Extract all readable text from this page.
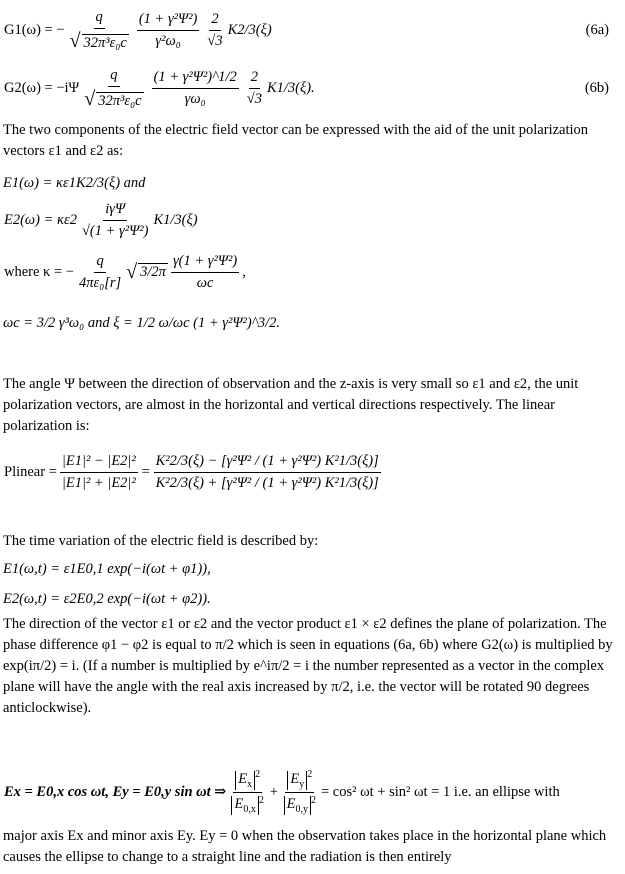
G1(ω) = − $\frac{q}{\text{√ 32π³ε₀c}} \frac{\text{(1 + γ²Ψ²)}}{\text{γ²ω₀}} \frac{2}{√3} K2/3(\xi)$	(6a)
$G2(\omega) = -i\Psi \frac{q}{\text{√ 32π³ε₀c}} \frac{\text{(1 + γ²Ψ²)\textasciicircum{}1/2}}{\text{γω₀}} \frac{2}{√3} K1/3(\xi)$.	(6b)
The two components of the electric field vector can be expressed with the aid of the unit polarization vectors ε1 and ε2 as:
E1(ω) = κε1K2/3(ξ) and
$E2(\omega) = \kappa\varepsilon 2 \frac{\text{iγΨ}}{\text{√(1 + γ²Ψ²)}} K1/3(\xi)$
where κ = − $\frac{q}{\text{4πε₀[r]}}$ √ $3/2\pi \frac{\text{γ(1 + γ²Ψ²)}}{\omega c}$ ,
ωc = 3/2 γ³ω₀ and ξ = 1/2 ω/ωc (1 + γ²Ψ²)^3/2.
The angle Ψ between the direction of observation and the z-axis is very small so ε1 and ε2, the unit polarization vectors, are almost in the horizontal and vertical directions respectively. The linear polarization is:
Plinear = $\frac{\text{|E1|² − |E2|²}}{\text{|E1|² + |E2|²}} = \frac{\text{K²2/3(ξ) − [γ²Ψ² / (1 + γ²Ψ²) K²1/3(ξ)]}}{\text{K²2/3(ξ) + [γ²Ψ² / (1 + γ²Ψ²) K²1/3(ξ)]}}$
The time variation of the electric field is described by:
E1(ω,t) = ε1E0,1 exp(−i(ωt + φ1)),
E2(ω,t) = ε2E0,2 exp(−i(ωt + φ2)).
The direction of the vector ε1 or ε2 and the vector product ε1 × ε2 defines the plane of polarization. The phase difference φ1 − φ2 is equal to π/2 which is seen in equations (6a, 6b) where G2(ω) is multiplied by exp(iπ/2) = i. (If a number is multiplied by e^iπ/2 = i the number represented as a vector in the complex plane will have the angle with the real axis increased by π/2, i.e. the vector will be rotated 90 degrees anticlockwise).
Ex = E0,x cos ωt, Ey = E0,y sin ωt ⇒ $\frac{E_x^2}{E_{0,x}^2} + \frac{E_y^2}{E_{0,y}^2} = \cos^2$ ωt + sin² ωt = 1 i.e. an ellipse with
major axis Ex and minor axis Ey. Ey = 0 when the observation takes place in the horizontal plane which causes the ellipse to change to a straight line and the radiation is then entirely
